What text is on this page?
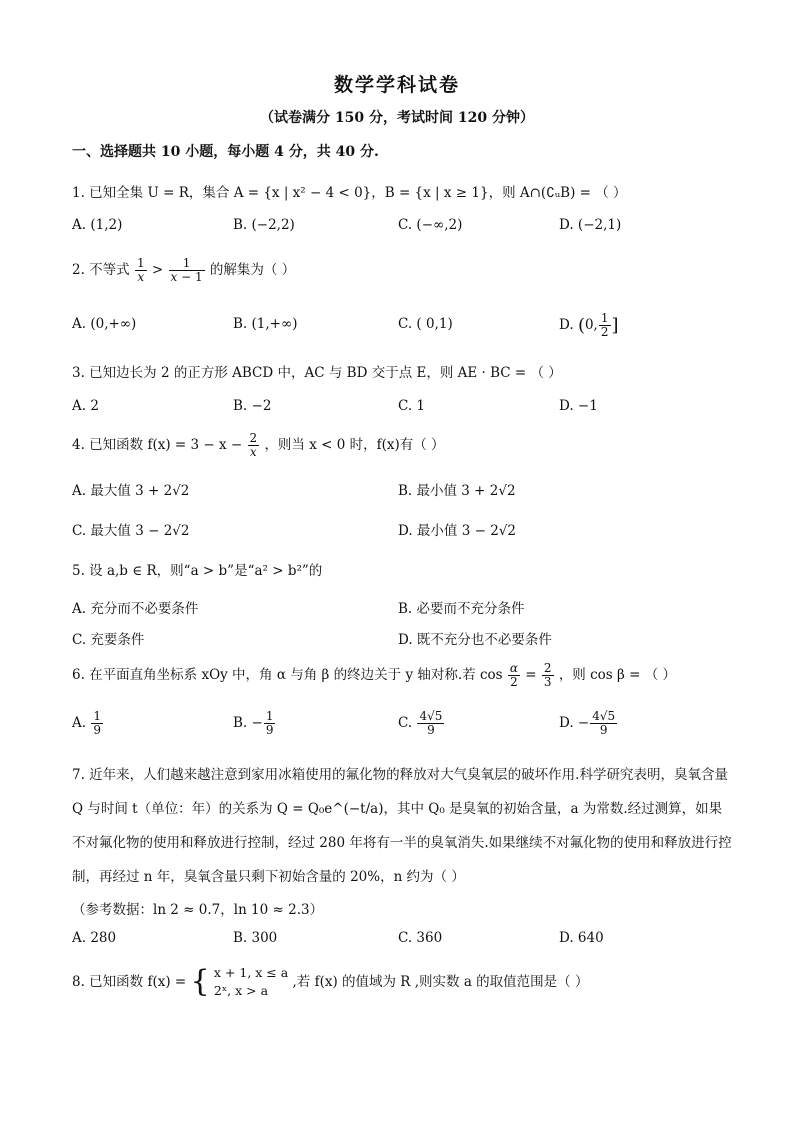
数学学科试卷
（试卷满分 150 分，考试时间 120 分钟）
一、选择题共 10 小题，每小题 4 分，共 40 分.
1. 已知全集 U = R，集合 A = {x | x² − 4 < 0}，B = {x | x ≥ 1}，则 A∩(∁ᵤB) = （ ）
A. (1,2)	B. (−2,2)	C. (−∞,2)	D. (−2,1)
2. 不等式 $\frac{1}{x} > \frac{1}{x - 1}$ 的解集为（ ）
A. (0,+∞)	B. (1,+∞)	C. ( 0,1)	D. (0, $\frac{1}{2}$ ]
3. 已知边长为 2 的正方形 ABCD 中，AC 与 BD 交于点 E，则 AE · BC = （ ）
A. 2	B. −2	C. 1	D. −1
4. 已知函数 $f(x) = 3 - x - \frac{2}{x}$ ，则当 x < 0 时，f(x)有（ ）
A. 最大值 3 + 2√2	B. 最小值 3 + 2√2
C. 最大值 3 − 2√2	D. 最小值 3 − 2√2
5. 设 a,b ∈ R，则“a > b”是“a² > b²”的
A. 充分而不必要条件	B. 必要而不充分条件
C. 充要条件	D. 既不充分也不必要条件
6. 在平面直角坐标系 xOy 中，角 α 与角 β 的终边关于 y 轴对称.若 $\cos \frac{\alpha}{2} = \frac{2}{3}$ ，则 cos β = （ ）
A. $\frac{1}{9}$	B. − $\frac{1}{9}$	C. $\frac{4√5}{9}$	D. − $\frac{4√5}{9}$
7. 近年来，人们越来越注意到家用冰箱使用的氟化物的释放对大气臭氧层的破坏作用.科学研究表明，臭氧含量 Q 与时间 t（单位：年）的关系为 Q = Q₀e^(−t/a)，其中 Q₀ 是臭氧的初始含量，a 为常数.经过测算，如果不对氟化物的使用和释放进行控制，经过 280 年将有一半的臭氧消失.如果继续不对氟化物的使用和释放进行控制，再经过 n 年，臭氧含量只剩下初始含量的 20%，n 约为（ ）
（参考数据：ln 2 ≈ 0.7，ln 10 ≈ 2.3）
A. 280	B. 300	C. 360	D. 640
8. 已知函数 f(x) = { x + 1, x ≤ a
2ˣ, x > a
,若 f(x) 的值域为 R ,则实数 a 的取值范围是（ ）
